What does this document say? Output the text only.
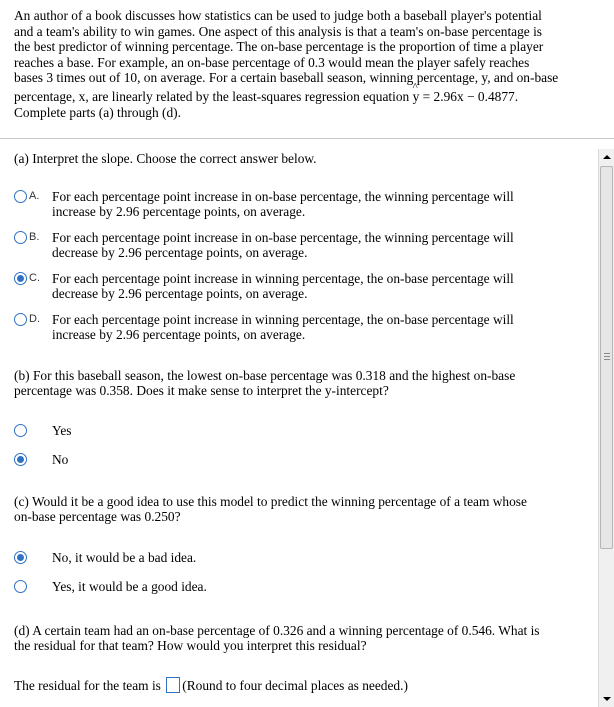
An author of a book discusses how statistics can be used to judge both a baseball player's potential
and a team's ability to win games. One aspect of this analysis is that a team's on-base percentage is
the best predictor of winning percentage. The on-base percentage is the proportion of time a player
reaches a base. For example, an on-base percentage of 0.3 would mean the player safely reaches
bases 3 times out of 10, on average. For a certain baseball season, winning percentage, y, and on-base
percentage, x, are linearly related by the least-squares regression equation ^ y = 2.96x − 0.4877.
Complete parts (a) through (d).
(a) Interpret the slope. Choose the correct answer below.
A. For each percentage point increase in on-base percentage, the winning percentage will
increase by 2.96 percentage points, on average.
B. For each percentage point increase in on-base percentage, the winning percentage will
decrease by 2.96 percentage points, on average.
C. For each percentage point increase in winning percentage, the on-base percentage will
decrease by 2.96 percentage points, on average.
D. For each percentage point increase in winning percentage, the on-base percentage will
increase by 2.96 percentage points, on average.
(b) For this baseball season, the lowest on-base percentage was 0.318 and the highest on-base
percentage was 0.358. Does it make sense to interpret the y-intercept?
Yes
No
(c) Would it be a good idea to use this model to predict the winning percentage of a team whose
on-base percentage was 0.250?
No, it would be a bad idea.
Yes, it would be a good idea.
(d) A certain team had an on-base percentage of 0.326 and a winning percentage of 0.546. What is
the residual for that team? How would you interpret this residual?
The residual for the team is (Round to four decimal places as needed.)
